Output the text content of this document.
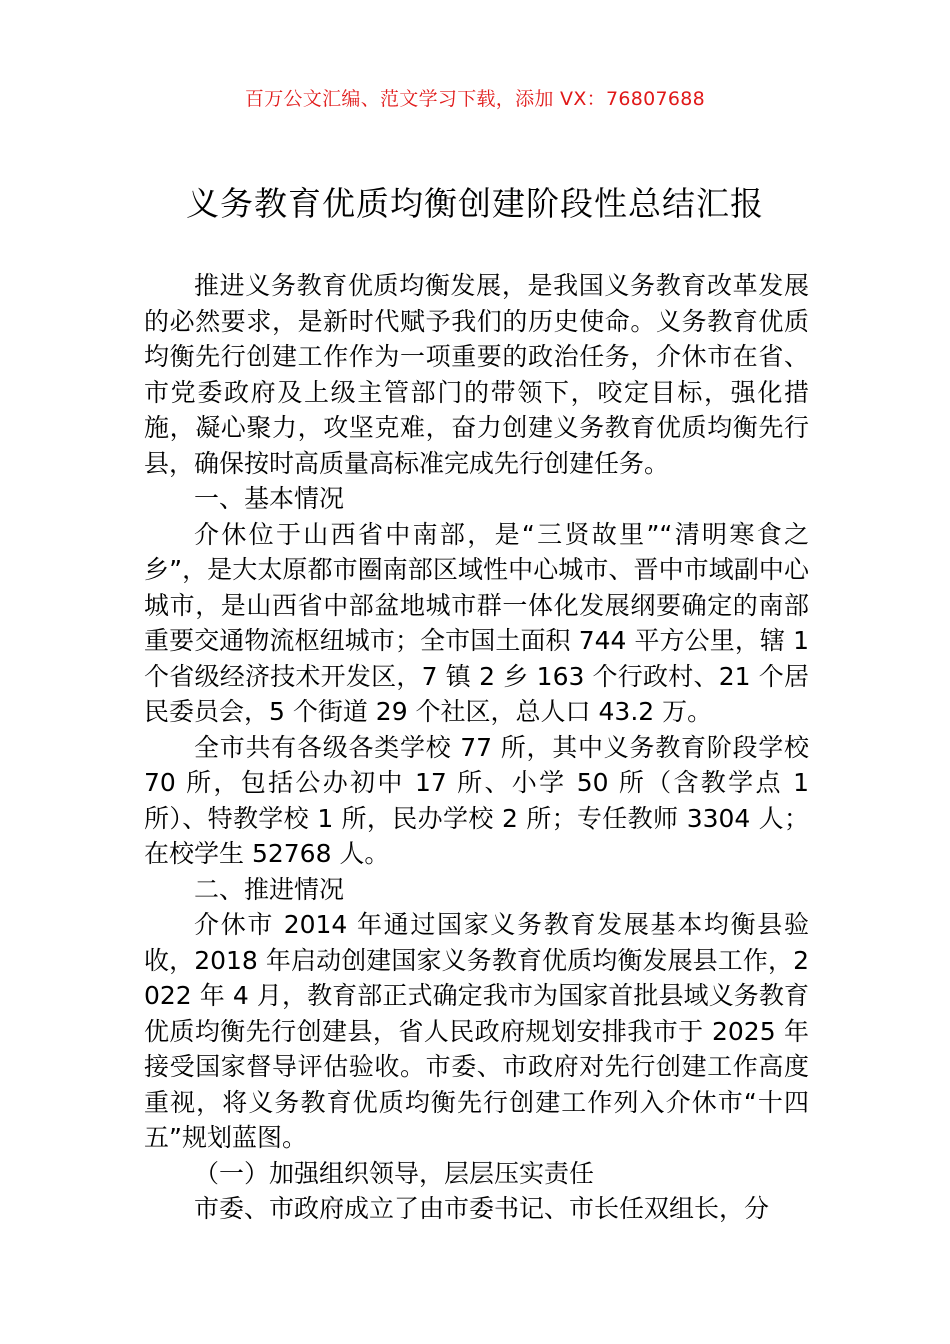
百万公文汇编、范文学习下载，添加 VX：76807688
义务教育优质均衡创建阶段性总结汇报

推进义务教育优质均衡发展，是我国义务教育改革发展的必然要求，是新时代赋予我们的历史使命。义务教育优质均衡先行创建工作作为一项重要的政治任务，介休市在省、市党委政府及上级主管部门的带领下，咬定目标，强化措施，凝心聚力，攻坚克难，奋力创建义务教育优质均衡先行县，确保按时高质量高标准完成先行创建任务。

一、基本情况

介休位于山西省中南部，是“三贤故里”“清明寒食之乡”，是大太原都市圈南部区域性中心城市、晋中市域副中心城市，是山西省中部盆地城市群一体化发展纲要确定的南部重要交通物流枢纽城市；全市国土面积 744 平方公里，辖 1 个省级经济技术开发区，7 镇 2 乡 163 个行政村、21 个居民委员会，5 个街道 29 个社区，总人口 43.2 万。

全市共有各级各类学校 77 所，其中义务教育阶段学校 70 所，包括公办初中 17 所、小学 50 所（含教学点 1 所）、特教学校 1 所，民办学校 2 所；专任教师 3304 人；在校学生 52768 人。

二、推进情况

介休市 2014 年通过国家义务教育发展基本均衡县验收，2018 年启动创建国家义务教育优质均衡发展县工作，2022 年 4 月，教育部正式确定我市为国家首批县域义务教育优质均衡先行创建县，省人民政府规划安排我市于 2025 年接受国家督导评估验收。市委、市政府对先行创建工作高度重视，将义务教育优质均衡先行创建工作列入介休市“十四五”规划蓝图。

（一）加强组织领导，层层压实责任

市委、市政府成立了由市委书记、市长任双组长，分
